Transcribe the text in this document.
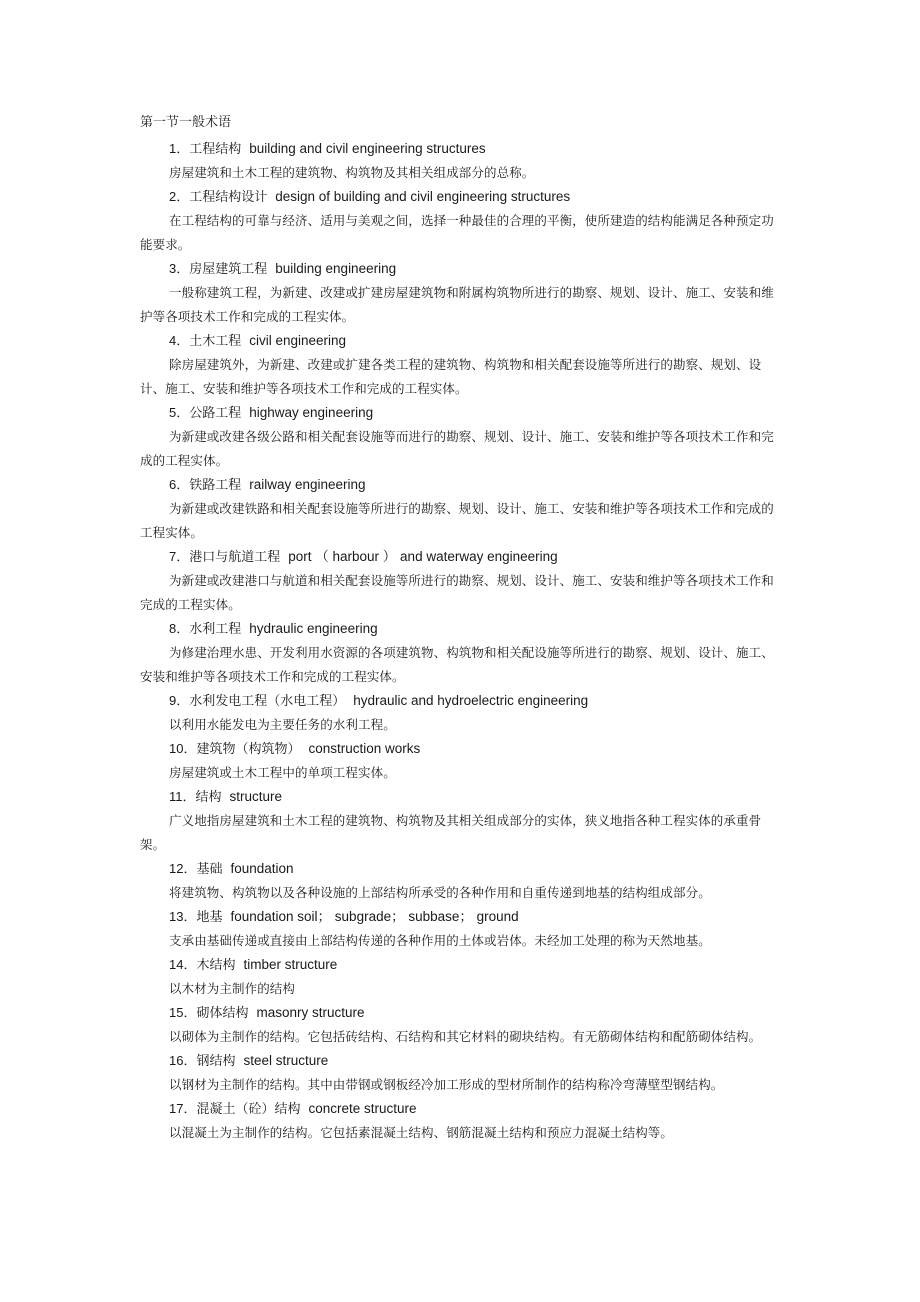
第一节一般术语
1．工程结构 building and civil engineering structures

房屋建筑和土木工程的建筑物、构筑物及其相关组成部分的总称。

2．工程结构设计 design of building and civil engineering structures

在工程结构的可靠与经济、适用与美观之间，选择一种最佳的合理的平衡，使所建造的结构能满足各种预定功能要求。

3．房屋建筑工程 building engineering

一般称建筑工程，为新建、改建或扩建房屋建筑物和附属构筑物所进行的勘察、规划、设计、施工、安装和维护等各项技术工作和完成的工程实体。

4．土木工程 civil engineering

除房屋建筑外，为新建、改建或扩建各类工程的建筑物、构筑物和相关配套设施等所进行的勘察、规划、设计、施工、安装和维护等各项技术工作和完成的工程实体。

5．公路工程 highway engineering

为新建或改建各级公路和相关配套设施等而进行的勘察、规划、设计、施工、安装和维护等各项技术工作和完成的工程实体。

6．铁路工程 railway engineering

为新建或改建铁路和相关配套设施等所进行的勘察、规划、设计、施工、安装和维护等各项技术工作和完成的工程实体。

7．港口与航道工程 port （ harbour ） and waterway engineering

为新建或改建港口与航道和相关配套设施等所进行的勘察、规划、设计、施工、安装和维护等各项技术工作和完成的工程实体。

8．水利工程 hydraulic engineering

为修建治理水患、开发利用水资源的各项建筑物、构筑物和相关配设施等所进行的勘察、规划、设计、施工、安装和维护等各项技术工作和完成的工程实体。

9．水利发电工程（水电工程） hydraulic and hydroelectric engineering

以利用水能发电为主要任务的水利工程。

10．建筑物（构筑物） construction works

房屋建筑或土木工程中的单项工程实体。

11．结构 structure

广义地指房屋建筑和土木工程的建筑物、构筑物及其相关组成部分的实体，狭义地指各种工程实体的承重骨架。

12．基础 foundation

将建筑物、构筑物以及各种设施的上部结构所承受的各种作用和自重传递到地基的结构组成部分。

13．地基 foundation soil； subgrade； subbase； ground

支承由基础传递或直接由上部结构传递的各种作用的土体或岩体。未经加工处理的称为天然地基。

14．木结构 timber structure

以木材为主制作的结构

15．砌体结构 masonry structure

以砌体为主制作的结构。它包括砖结构、石结构和其它材料的砌块结构。有无筋砌体结构和配筋砌体结构。

16．钢结构 steel structure

以钢材为主制作的结构。其中由带钢或钢板经冷加工形成的型材所制作的结构称冷弯薄壁型钢结构。

17．混凝土（砼）结构 concrete structure

以混凝土为主制作的结构。它包括素混凝土结构、钢筋混凝土结构和预应力混凝土结构等。
